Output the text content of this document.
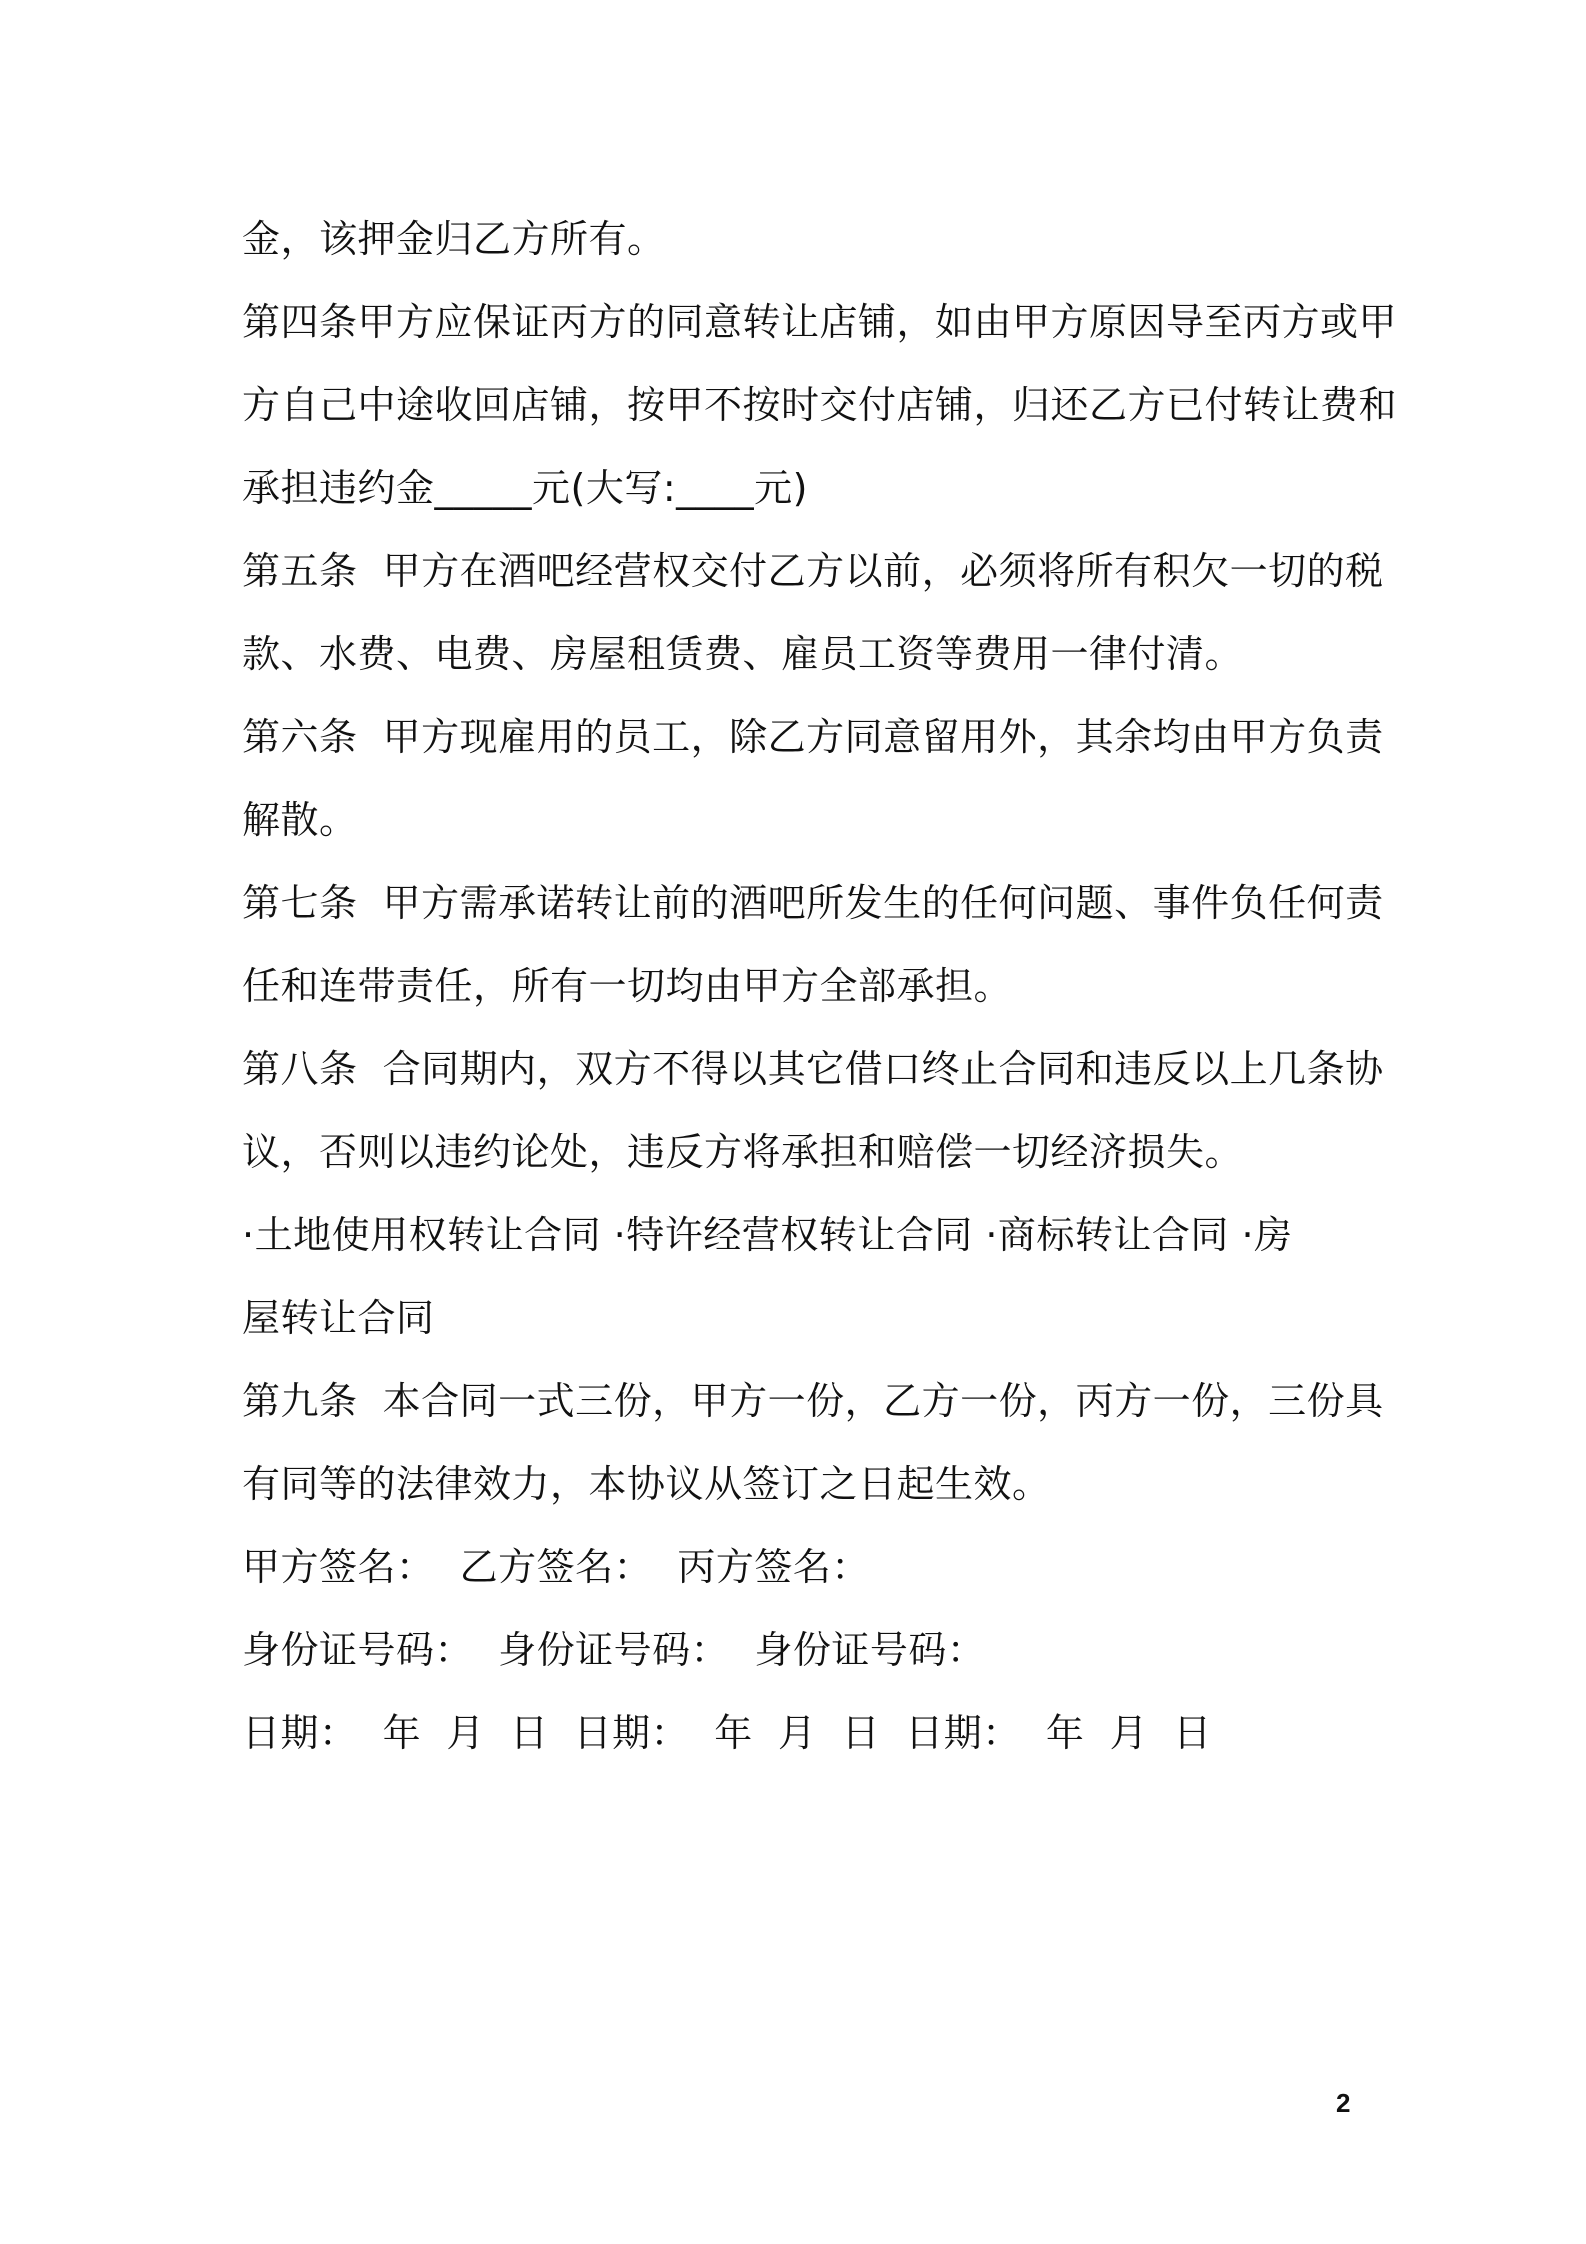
金，该押金归乙方所有。
第四条甲方应保证丙方的同意转让店铺，如由甲方原因导至丙方或甲
方自己中途收回店铺，按甲不按时交付店铺，归还乙方已付转让费和
承担违约金_____元(大写:____元)
第五条  甲方在酒吧经营权交付乙方以前，必须将所有积欠一切的税
款、水费、电费、房屋租赁费、雇员工资等费用一律付清。
第六条  甲方现雇用的员工，除乙方同意留用外，其余均由甲方负责
解散。
第七条  甲方需承诺转让前的酒吧所发生的任何问题、事件负任何责
任和连带责任，所有一切均由甲方全部承担。
第八条  合同期内，双方不得以其它借口终止合同和违反以上几条协
议，否则以违约论处，违反方将承担和赔偿一切经济损失。
·土地使用权转让合同 ·特许经营权转让合同 ·商标转让合同 ·房
屋转让合同
第九条  本合同一式三份，甲方一份，乙方一份，丙方一份，三份具
有同等的法律效力，本协议从签订之日起生效。
甲方签名：  乙方签名：  丙方签名：
身份证号码：  身份证号码：  身份证号码：
日期：  年  月  日  日期：  年  月  日  日期：  年  月  日
2
